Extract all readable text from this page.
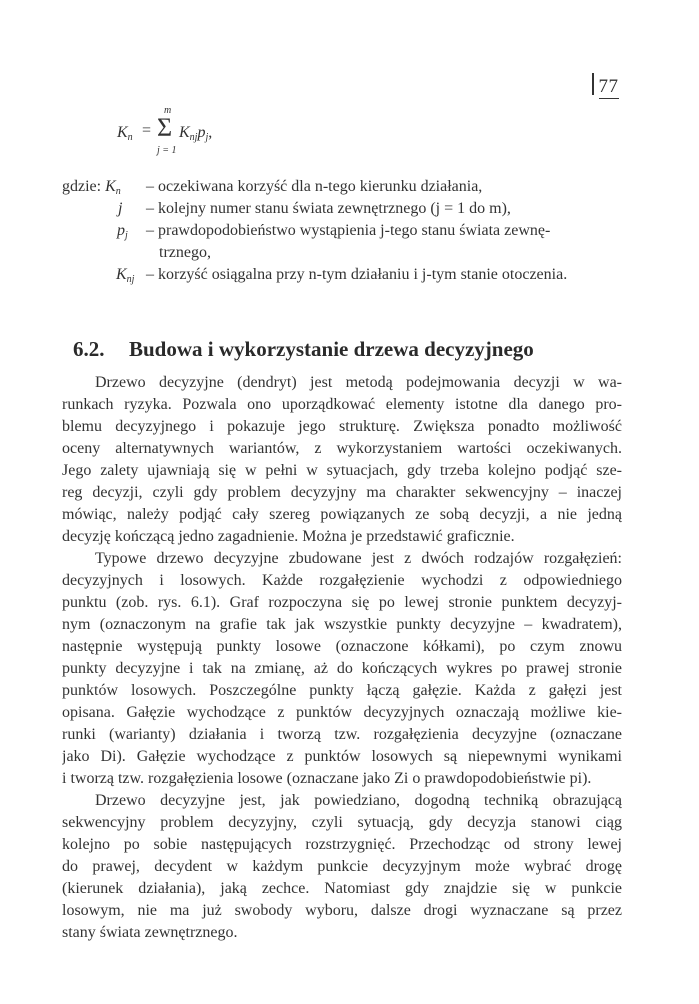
77
$K_n$ =
m
Σ
j = 1
$K_{nj}p_j$,
gdzie: $K_n$	– oczekiwana korzyść dla n-tego kierunku działania,
j	– kolejny numer stanu świata zewnętrznego (j = 1 do m),
$p_j$	– prawdopodobieństwo wystąpienia j-tego stanu świata zewnę-
trznego,
$K_{nj}$ – korzyść osiągalna przy n-tym działaniu i j-tym stanie otoczenia.
6.2. Budowa i wykorzystanie drzewa decyzyjnego
Drzewo decyzyjne (dendryt) jest metodą podejmowania decyzji w wa-
runkach ryzyka. Pozwala ono uporządkować elementy istotne dla danego pro-
blemu decyzyjnego i pokazuje jego strukturę. Zwiększa ponadto możliwość
oceny alternatywnych wariantów, z wykorzystaniem wartości oczekiwanych.
Jego zalety ujawniają się w pełni w sytuacjach, gdy trzeba kolejno podjąć sze-
reg decyzji, czyli gdy problem decyzyjny ma charakter sekwencyjny – inaczej
mówiąc, należy podjąć cały szereg powiązanych ze sobą decyzji, a nie jedną
decyzję kończącą jedno zagadnienie. Można je przedstawić graficznie.
Typowe drzewo decyzyjne zbudowane jest z dwóch rodzajów rozgałęzień:
decyzyjnych i losowych. Każde rozgałęzienie wychodzi z odpowiedniego
punktu (zob. rys. 6.1). Graf rozpoczyna się po lewej stronie punktem decyzyj-
nym (oznaczonym na grafie tak jak wszystkie punkty decyzyjne – kwadratem),
następnie występują punkty losowe (oznaczone kółkami), po czym znowu
punkty decyzyjne i tak na zmianę, aż do kończących wykres po prawej stronie
punktów losowych. Poszczególne punkty łączą gałęzie. Każda z gałęzi jest
opisana. Gałęzie wychodzące z punktów decyzyjnych oznaczają możliwe kie-
runki (warianty) działania i tworzą tzw. rozgałęzienia decyzyjne (oznaczane
jako Di). Gałęzie wychodzące z punktów losowych są niepewnymi wynikami
i tworzą tzw. rozgałęzienia losowe (oznaczane jako Zi o prawdopodobieństwie pi).
Drzewo decyzyjne jest, jak powiedziano, dogodną techniką obrazującą
sekwencyjny problem decyzyjny, czyli sytuacją, gdy decyzja stanowi ciąg
kolejno po sobie następujących rozstrzygnięć. Przechodząc od strony lewej
do prawej, decydent w każdym punkcie decyzyjnym może wybrać drogę
(kierunek działania), jaką zechce. Natomiast gdy znajdzie się w punkcie
losowym, nie ma już swobody wyboru, dalsze drogi wyznaczane są przez
stany świata zewnętrznego.
